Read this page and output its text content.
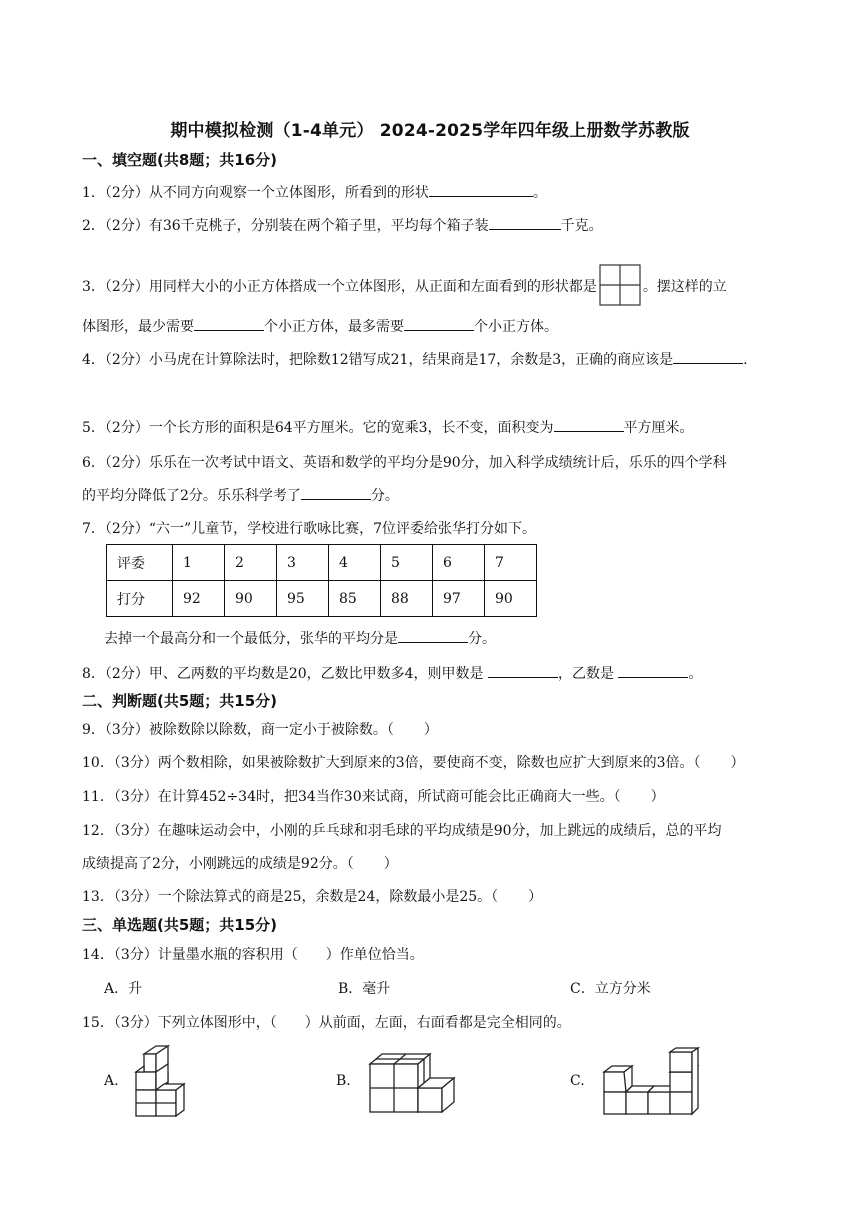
期中模拟检测（1-4单元） 2024-2025学年四年级上册数学苏教版
一、填空题(共8题；共16分)
1．（2分）从不同方向观察一个立体图形，所看到的形状	。
2．（2分）有36千克桃子，分别装在两个箱子里，平均每个箱子装	千克。
3．（2分）用同样大小的小正方体搭成一个立体图形，从正面和左面看到的形状都是	。摆这样的立
体图形，最少需要	个小正方体，最多需要	个小正方体。
4．（2分）小马虎在计算除法时，把除数12错写成21，结果商是17，余数是3，正确的商应该是	.
5．（2分）一个长方形的面积是64平方厘米。它的宽乘3，长不变，面积变为	平方厘米。
6．（2分）乐乐在一次考试中语文、英语和数学的平均分是90分，加入科学成绩统计后，乐乐的四个学科
的平均分降低了2分。乐乐科学考了	分。
7．（2分）“六一”儿童节，学校进行歌咏比赛，7位评委给张华打分如下。
评委	1	2	3	4	5	6	7
打分	92	90	95	85	88	97	90
去掉一个最高分和一个最低分，张华的平均分是	分。
8．（2分）甲、乙两数的平均数是20，乙数比甲数多4，则甲数是	，乙数是	。
二、判断题(共5题；共15分)
9．（3分）被除数除以除数，商一定小于被除数。（ ）
10．（3分）两个数相除，如果被除数扩大到原来的3倍，要使商不变，除数也应扩大到原来的3倍。（ ）
11．（3分）在计算452÷34时，把34当作30来试商，所试商可能会比正确商大一些。（ ）
12．（3分）在趣味运动会中，小刚的乒乓球和羽毛球的平均成绩是90分，加上跳远的成绩后，总的平均
成绩提高了2分，小刚跳远的成绩是92分。（ ）
13．（3分）一个除法算式的商是25，余数是24，除数最小是25。（ ）
三、单选题(共5题；共15分)
14．（3分）计量墨水瓶的容积用（　　）作单位恰当。
A．升	B．毫升	C．立方分米
15．（3分）下列立体图形中，（　　）从前面，左面，右面看都是完全相同的。
A.	B.	C.
